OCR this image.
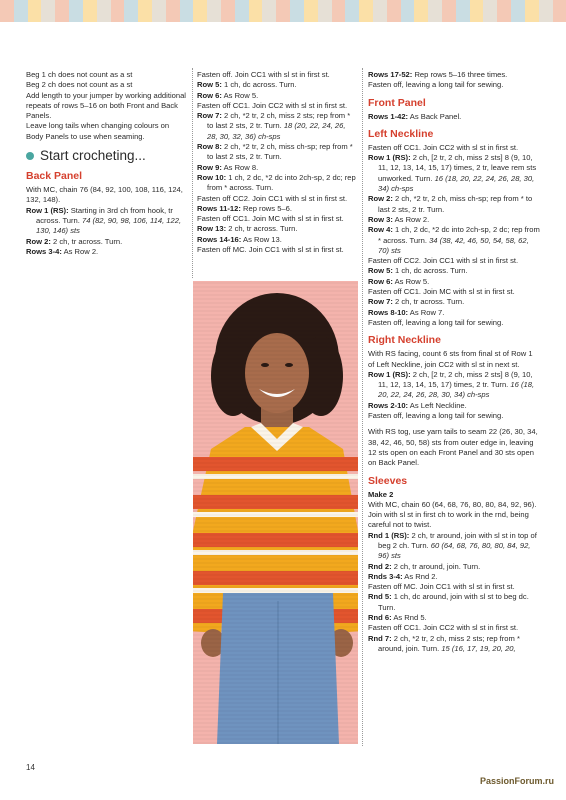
Beg 1 ch does not count as a st

Beg 2 ch does not count as a st

Add length to your jumper by working additional repeats of rows 5–16 on both Front and Back Panels.

Leave long tails when changing colours on Body Panels to use when seaming.

Start crocheting...
Back Panel

With MC, chain 76 (84, 92, 100, 108, 116, 124, 132, 148).

Row 1 (RS): Starting in 3rd ch from hook, tr across. Turn. 74 (82, 90, 98, 106, 114, 122, 130, 146) sts

Row 2: 2 ch, tr across. Turn.

Rows 3-4: As Row 2.

Fasten off. Join CC1 with sl st in first st.

Row 5: 1 ch, dc across. Turn.

Row 6: As Row 5.

Fasten off CC1. Join CC2 with sl st in first st.

Row 7: 2 ch, *2 tr, 2 ch, miss 2 sts; rep from * to last 2 sts, 2 tr. Turn. 18 (20, 22, 24, 26, 28, 30, 32, 36) ch-sps

Row 8: 2 ch, *2 tr, 2 ch, miss ch-sp; rep from * to last 2 sts, 2 tr. Turn.

Row 9: As Row 8.

Row 10: 1 ch, 2 dc, *2 dc into 2ch-sp, 2 dc; rep from * across. Turn.

Fasten off CC2. Join CC1 with sl st in first st.

Rows 11-12: Rep rows 5–6.

Fasten off CC1. Join MC with sl st in first st.

Row 13: 2 ch, tr across. Turn.

Rows 14-16: As Row 13.

Fasten off MC. Join CC1 with sl st in first st.

Rows 17-52: Rep rows 5–16 three times.

Fasten off, leaving a long tail for sewing.

Front Panel

Rows 1-42: As Back Panel.

Left Neckline

Fasten off CC1. Join CC2 with sl st in first st.

Row 1 (RS): 2 ch, [2 tr, 2 ch, miss 2 sts] 8 (9, 10, 11, 12, 13, 14, 15, 17) times, 2 tr, leave rem sts unworked. Turn. 16 (18, 20, 22, 24, 26, 28, 30, 34) ch-sps

Row 2: 2 ch, *2 tr, 2 ch, miss ch-sp; rep from * to last 2 sts, 2 tr. Turn.

Row 3: As Row 2.

Row 4: 1 ch, 2 dc, *2 dc into 2ch-sp, 2 dc; rep from * across. Turn. 34 (38, 42, 46, 50, 54, 58, 62, 70) sts

Fasten off CC2. Join CC1 with sl st in first st.

Row 5: 1 ch, dc across. Turn.

Row 6: As Row 5.

Fasten off CC1. Join MC with sl st in first st.

Row 7: 2 ch, tr across. Turn.

Rows 8-10: As Row 7.

Fasten off, leaving a long tail for sewing.

Right Neckline

With RS facing, count 6 sts from final st of Row 1 of Left Neckline, join CC2 with sl st in next st.

Row 1 (RS): 2 ch, [2 tr, 2 ch, miss 2 sts] 8 (9, 10, 11, 12, 13, 14, 15, 17) times, 2 tr. Turn. 16 (18, 20, 22, 24, 26, 28, 30, 34) ch-sps

Rows 2-10: As Left Neckline.

Fasten off, leaving a long tail for sewing.

With RS tog, use yarn tails to seam 22 (26, 30, 34, 38, 42, 46, 50, 58) sts from outer edge in, leaving 12 sts open on each Front Panel and 30 sts open on Back Panel.

Sleeves

Make 2

With MC, chain 60 (64, 68, 76, 80, 80, 84, 92, 96). Join with sl st in first ch to work in the rnd, being careful not to twist.

Rnd 1 (RS): 2 ch, tr around, join with sl st in top of beg 2 ch. Turn. 60 (64, 68, 76, 80, 80, 84, 92, 96) sts

Rnd 2: 2 ch, tr around, join. Turn.

Rnds 3-4: As Rnd 2.

Fasten off MC. Join CC1 with sl st in first st.

Rnd 5: 1 ch, dc around, join with sl st to beg dc. Turn.

Rnd 6: As Rnd 5.

Fasten off CC1. Join CC2 with sl st in first st.

Rnd 7: 2 ch, *2 tr, 2 ch, miss 2 sts; rep from * around, join. Turn. 15 (16, 17, 19, 20, 20,

14
PassionForum.ru
